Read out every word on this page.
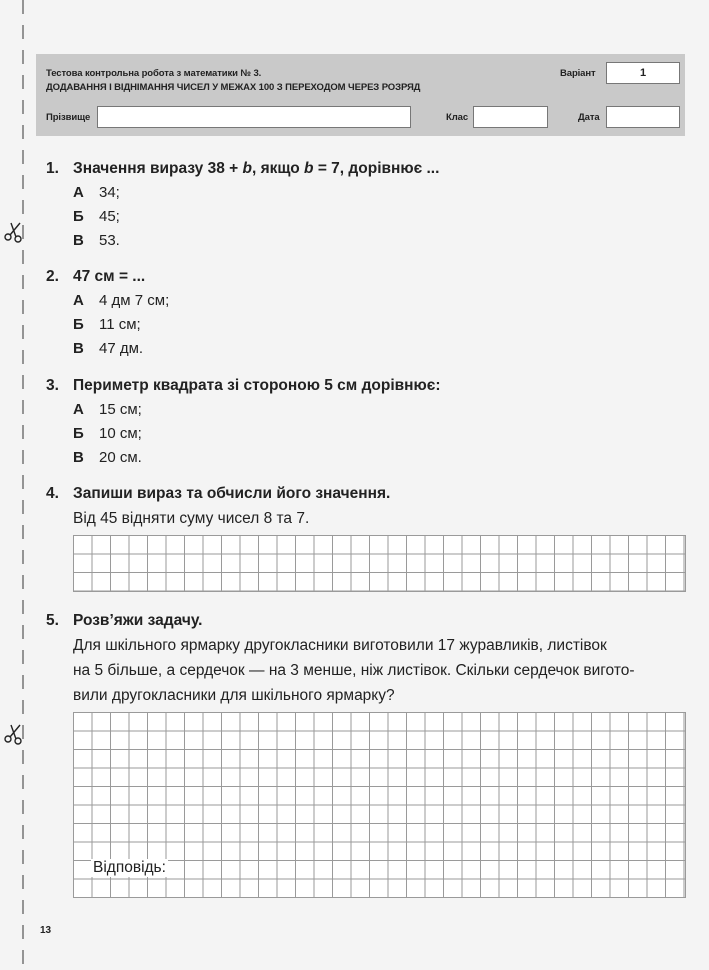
Тестова контрольна робота з математики № 3.
ДОДАВАННЯ І ВІДНІМАННЯ ЧИСЕЛ У МЕЖАХ 100 З ПЕРЕХОДОМ ЧЕРЕЗ РОЗРЯД
Варіант	1
Прізвище	Клас	Дата
1. Значення виразу 38 + b, якщо b = 7, дорівнює ...
А 34;
Б 45;
В 53.
2. 47 см = ...
А 4 дм 7 см;
Б 11 см;
В 47 дм.
3. Периметр квадрата зі стороною 5 см дорівнює:
А 15 см;
Б 10 см;
В 20 см.
4. Запиши вираз та обчисли його значення.
Від 45 відняти суму чисел 8 та 7.
5. Розв’яжи задачу.
Для шкільного ярмарку другокласники виготовили 17 журавликів, листівок
на 5 більше, а сердечок — на 3 менше, ніж листівок. Скільки сердечок вигото-
вили другокласники для шкільного ярмарку?
Відповідь:
13
